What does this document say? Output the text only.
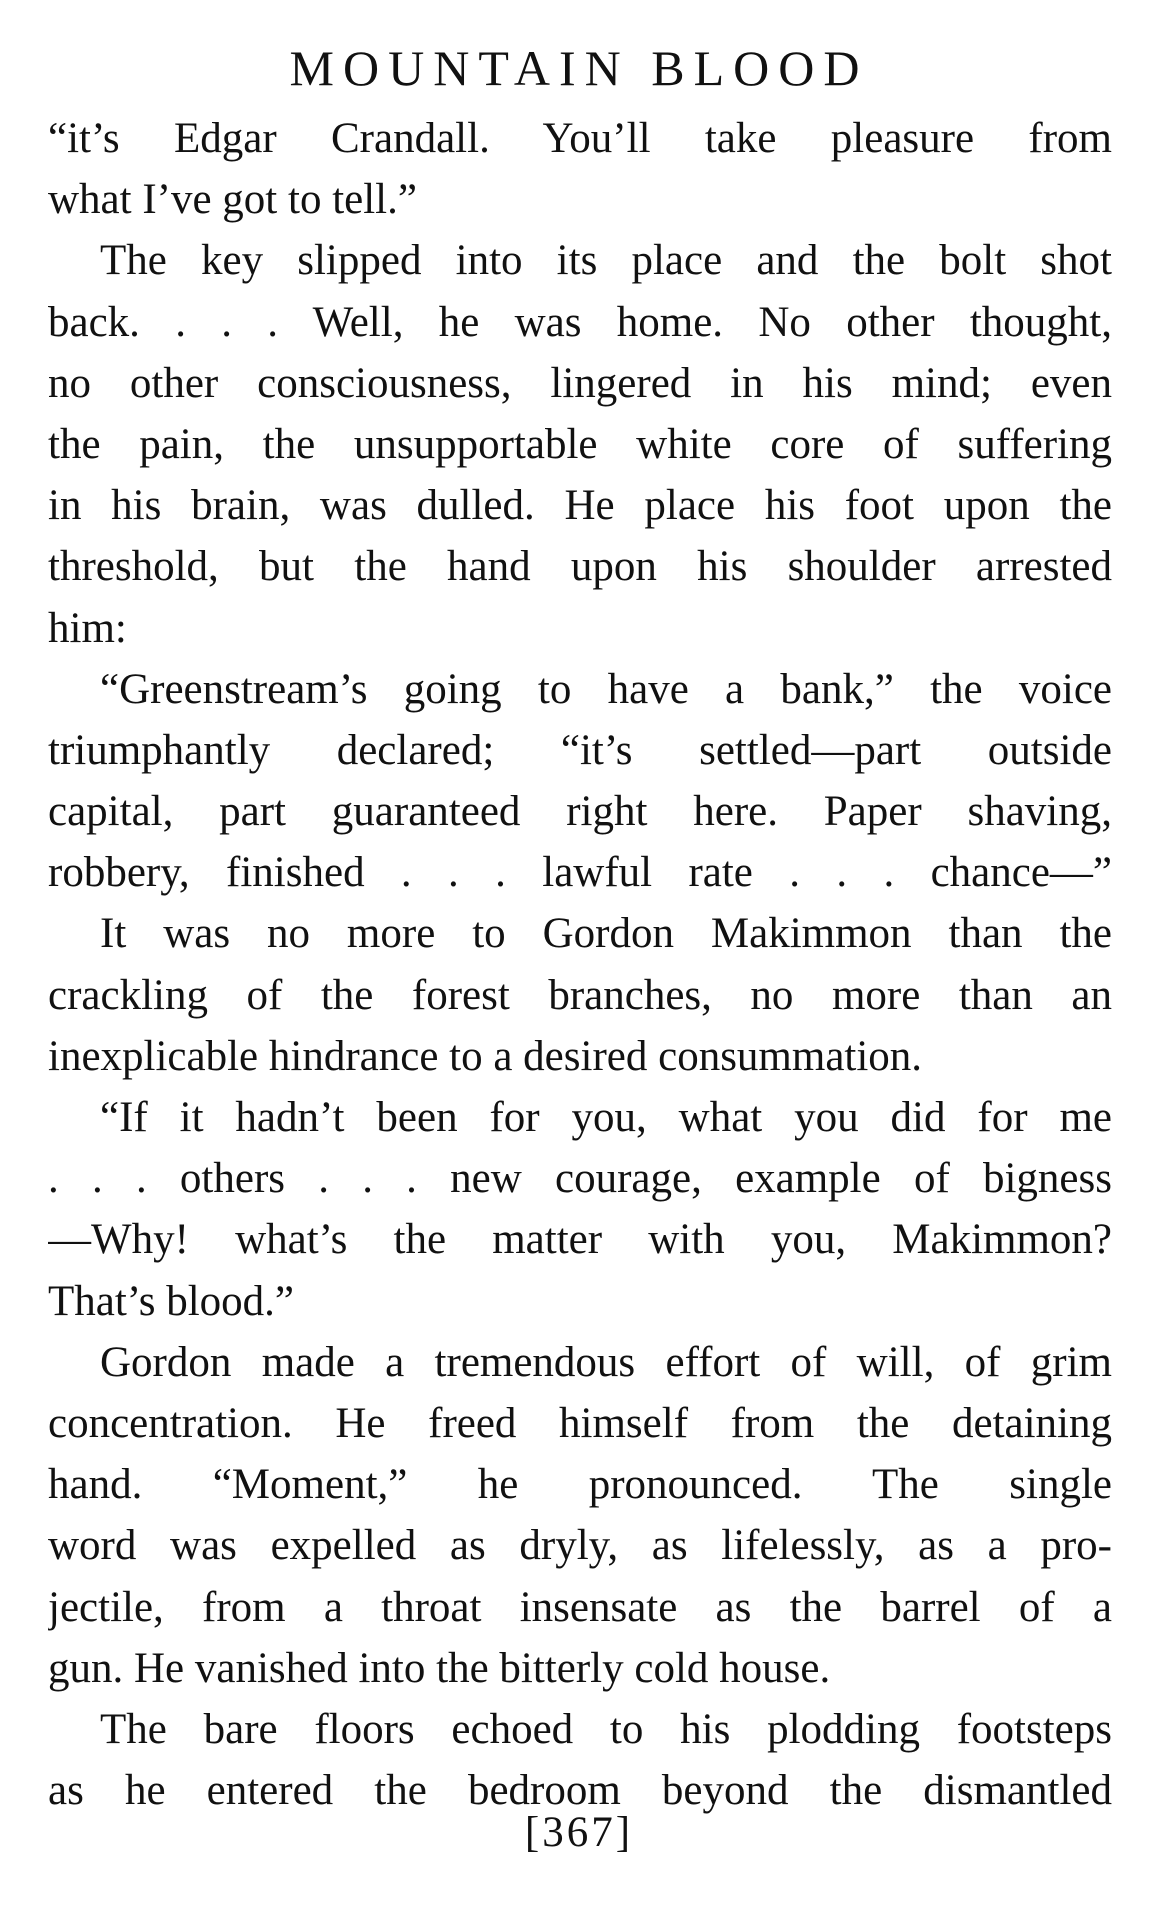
MOUNTAIN BLOOD
“it’s Edgar Crandall. You’ll take pleasure from
what I’ve got to tell.”
The key slipped into its place and the bolt shot
back. . . . Well, he was home. No other thought,
no other consciousness, lingered in his mind; even
the pain, the unsupportable white core of suffering
in his brain, was dulled. He place his foot upon the
threshold, but the hand upon his shoulder arrested
him:
“Greenstream’s going to have a bank,” the voice
triumphantly declared; “it’s settled—part outside
capital, part guaranteed right here. Paper shaving,
robbery, finished . . . lawful rate . . . chance—”
It was no more to Gordon Makimmon than the
crackling of the forest branches, no more than an
inexplicable hindrance to a desired consummation.
“If it hadn’t been for you, what you did for me
. . . others . . . new courage, example of bigness
—Why! what’s the matter with you, Makimmon?
That’s blood.”
Gordon made a tremendous effort of will, of grim
concentration. He freed himself from the detaining
hand. “Moment,” he pronounced. The single
word was expelled as dryly, as lifelessly, as a pro-
jectile, from a throat insensate as the barrel of a
gun. He vanished into the bitterly cold house.
The bare floors echoed to his plodding footsteps
as he entered the bedroom beyond the dismantled
[367]
